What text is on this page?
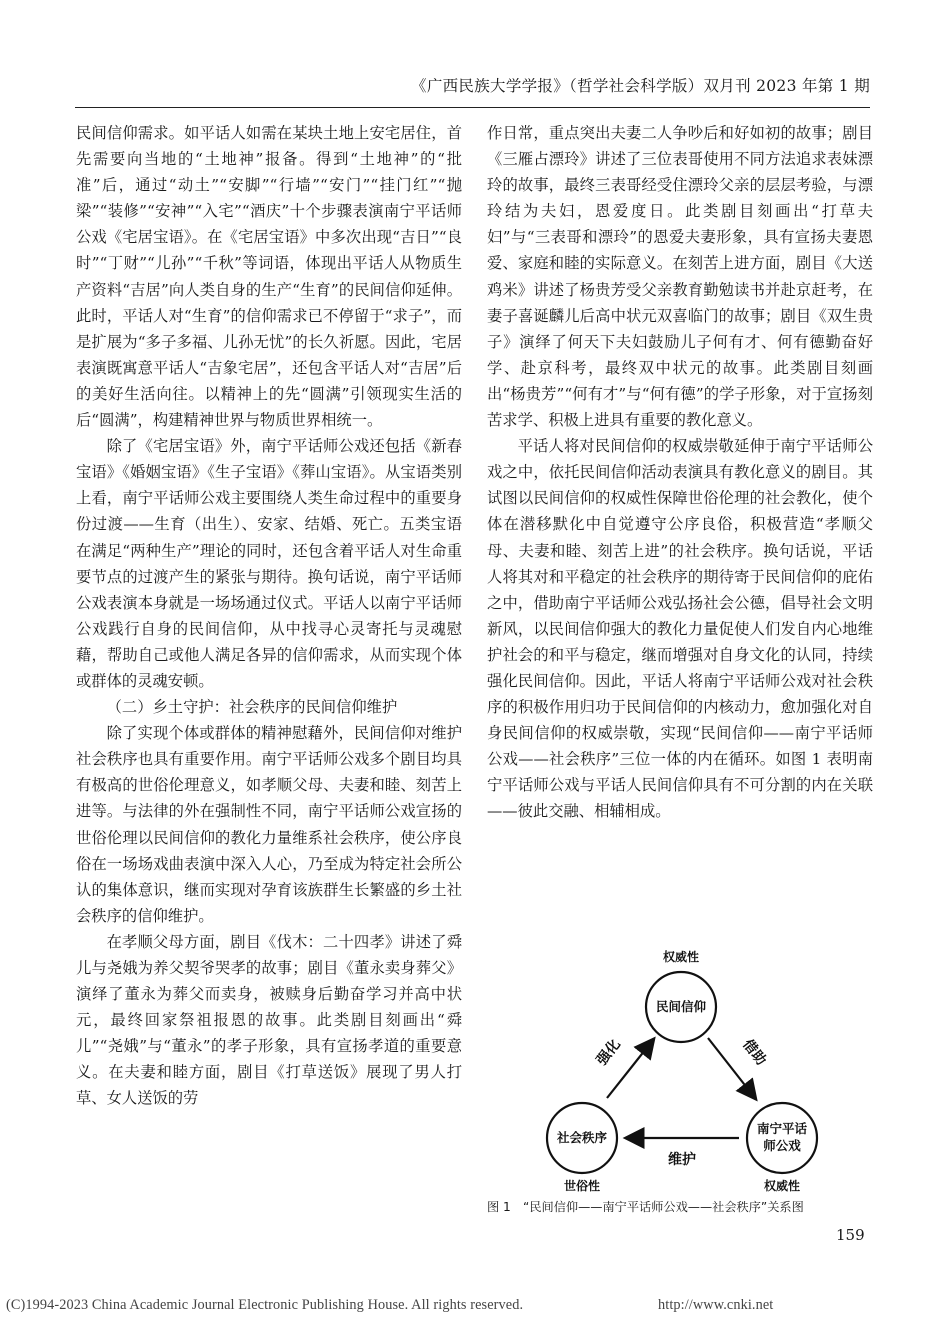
《广西民族大学学报》（哲学社会科学版）双月刊 2023 年第 1 期

民间信仰需求。如平话人如需在某块土地上安宅居住，首先需要向当地的“土地神”报备。得到“土地神”的“批准”后，通过“动土”“安脚”“行墙”“安门”“挂门红”“抛梁”“装修”“安神”“入宅”“酒庆”十个步骤表演南宁平话师公戏《宅居宝语》。在《宅居宝语》中多次出现“吉日”“良时”“丁财”“儿孙”“千秋”等词语，体现出平话人从物质生产资料“吉居”向人类自身的生产“生育”的民间信仰延伸。此时，平话人对“生育”的信仰需求已不停留于“求子”，而是扩展为“多子多福、儿孙无忧”的长久祈愿。因此，宅居表演既寓意平话人“吉象宅居”，还包含平话人对“吉居”后的美好生活向往。以精神上的先“圆满”引领现实生活的后“圆满”，构建精神世界与物质世界相统一。

除了《宅居宝语》外，南宁平话师公戏还包括《新春宝语》《婚姻宝语》《生子宝语》《葬山宝语》。从宝语类别上看，南宁平话师公戏主要围绕人类生命过程中的重要身份过渡——生育（出生）、安家、结婚、死亡。五类宝语在满足“两种生产”理论的同时，还包含着平话人对生命重要节点的过渡产生的紧张与期待。换句话说，南宁平话师公戏表演本身就是一场场通过仪式。平话人以南宁平话师公戏践行自身的民间信仰，从中找寻心灵寄托与灵魂慰藉，帮助自己或他人满足各异的信仰需求，从而实现个体或群体的灵魂安顿。

（二）乡土守护：社会秩序的民间信仰维护

除了实现个体或群体的精神慰藉外，民间信仰对维护社会秩序也具有重要作用。南宁平话师公戏多个剧目均具有极高的世俗伦理意义，如孝顺父母、夫妻和睦、刻苦上进等。与法律的外在强制性不同，南宁平话师公戏宣扬的世俗伦理以民间信仰的教化力量维系社会秩序，使公序良俗在一场场戏曲表演中深入人心，乃至成为特定社会所公认的集体意识，继而实现对孕育该族群生长繁盛的乡土社会秩序的信仰维护。

在孝顺父母方面，剧目《伐木：二十四孝》讲述了舜儿与尧娥为养父契爷哭孝的故事；剧目《董永卖身葬父》演绎了董永为葬父而卖身，被赎身后勤奋学习并高中状元，最终回家祭祖报恩的故事。此类剧目刻画出“舜儿”“尧娥”与“董永”的孝子形象，具有宣扬孝道的重要意义。在夫妻和睦方面，剧目《打草送饭》展现了男人打草、女人送饭的劳

作日常，重点突出夫妻二人争吵后和好如初的故事；剧目《三雁占漂玲》讲述了三位表哥使用不同方法追求表妹漂玲的故事，最终三表哥经受住漂玲父亲的层层考验，与漂玲结为夫妇，恩爱度日。此类剧目刻画出“打草夫妇”与“三表哥和漂玲”的恩爱夫妻形象，具有宣扬夫妻恩爱、家庭和睦的实际意义。在刻苦上进方面，剧目《大送鸡米》讲述了杨贵芳受父亲教育勤勉读书并赴京赶考，在妻子喜诞麟儿后高中状元双喜临门的故事；剧目《双生贵子》演绎了何天下夫妇鼓励儿子何有才、何有德勤奋好学、赴京科考，最终双中状元的故事。此类剧目刻画出“杨贵芳”“何有才”与“何有德”的学子形象，对于宣扬刻苦求学、积极上进具有重要的教化意义。

平话人将对民间信仰的权威崇敬延伸于南宁平话师公戏之中，依托民间信仰活动表演具有教化意义的剧目。其试图以民间信仰的权威性保障世俗伦理的社会教化，使个体在潜移默化中自觉遵守公序良俗，积极营造“孝顺父母、夫妻和睦、刻苦上进”的社会秩序。换句话说，平话人将其对和平稳定的社会秩序的期待寄于民间信仰的庇佑之中，借助南宁平话师公戏弘扬社会公德，倡导社会文明新风，以民间信仰强大的教化力量促使人们发自内心地维护社会的和平与稳定，继而增强对自身文化的认同，持续强化民间信仰。因此，平话人将南宁平话师公戏对社会秩序的积极作用归功于民间信仰的内核动力，愈加强化对自身民间信仰的权威崇敬，实现“民间信仰——南宁平话师公戏——社会秩序”三位一体的内在循环。如图 1 表明南宁平话师公戏与平话人民间信仰具有不可分割的内在关联——彼此交融、相辅相成。

权威性
民间信仰
南宁平话
师公戏
权威性
社会秩序
世俗性
借助
维护
强化
图 1　“民间信仰——南宁平话师公戏——社会秩序”关系图
159
(C)1994-2023 China Academic Journal Electronic Publishing House. All rights reserved.	http://www.cnki.net
